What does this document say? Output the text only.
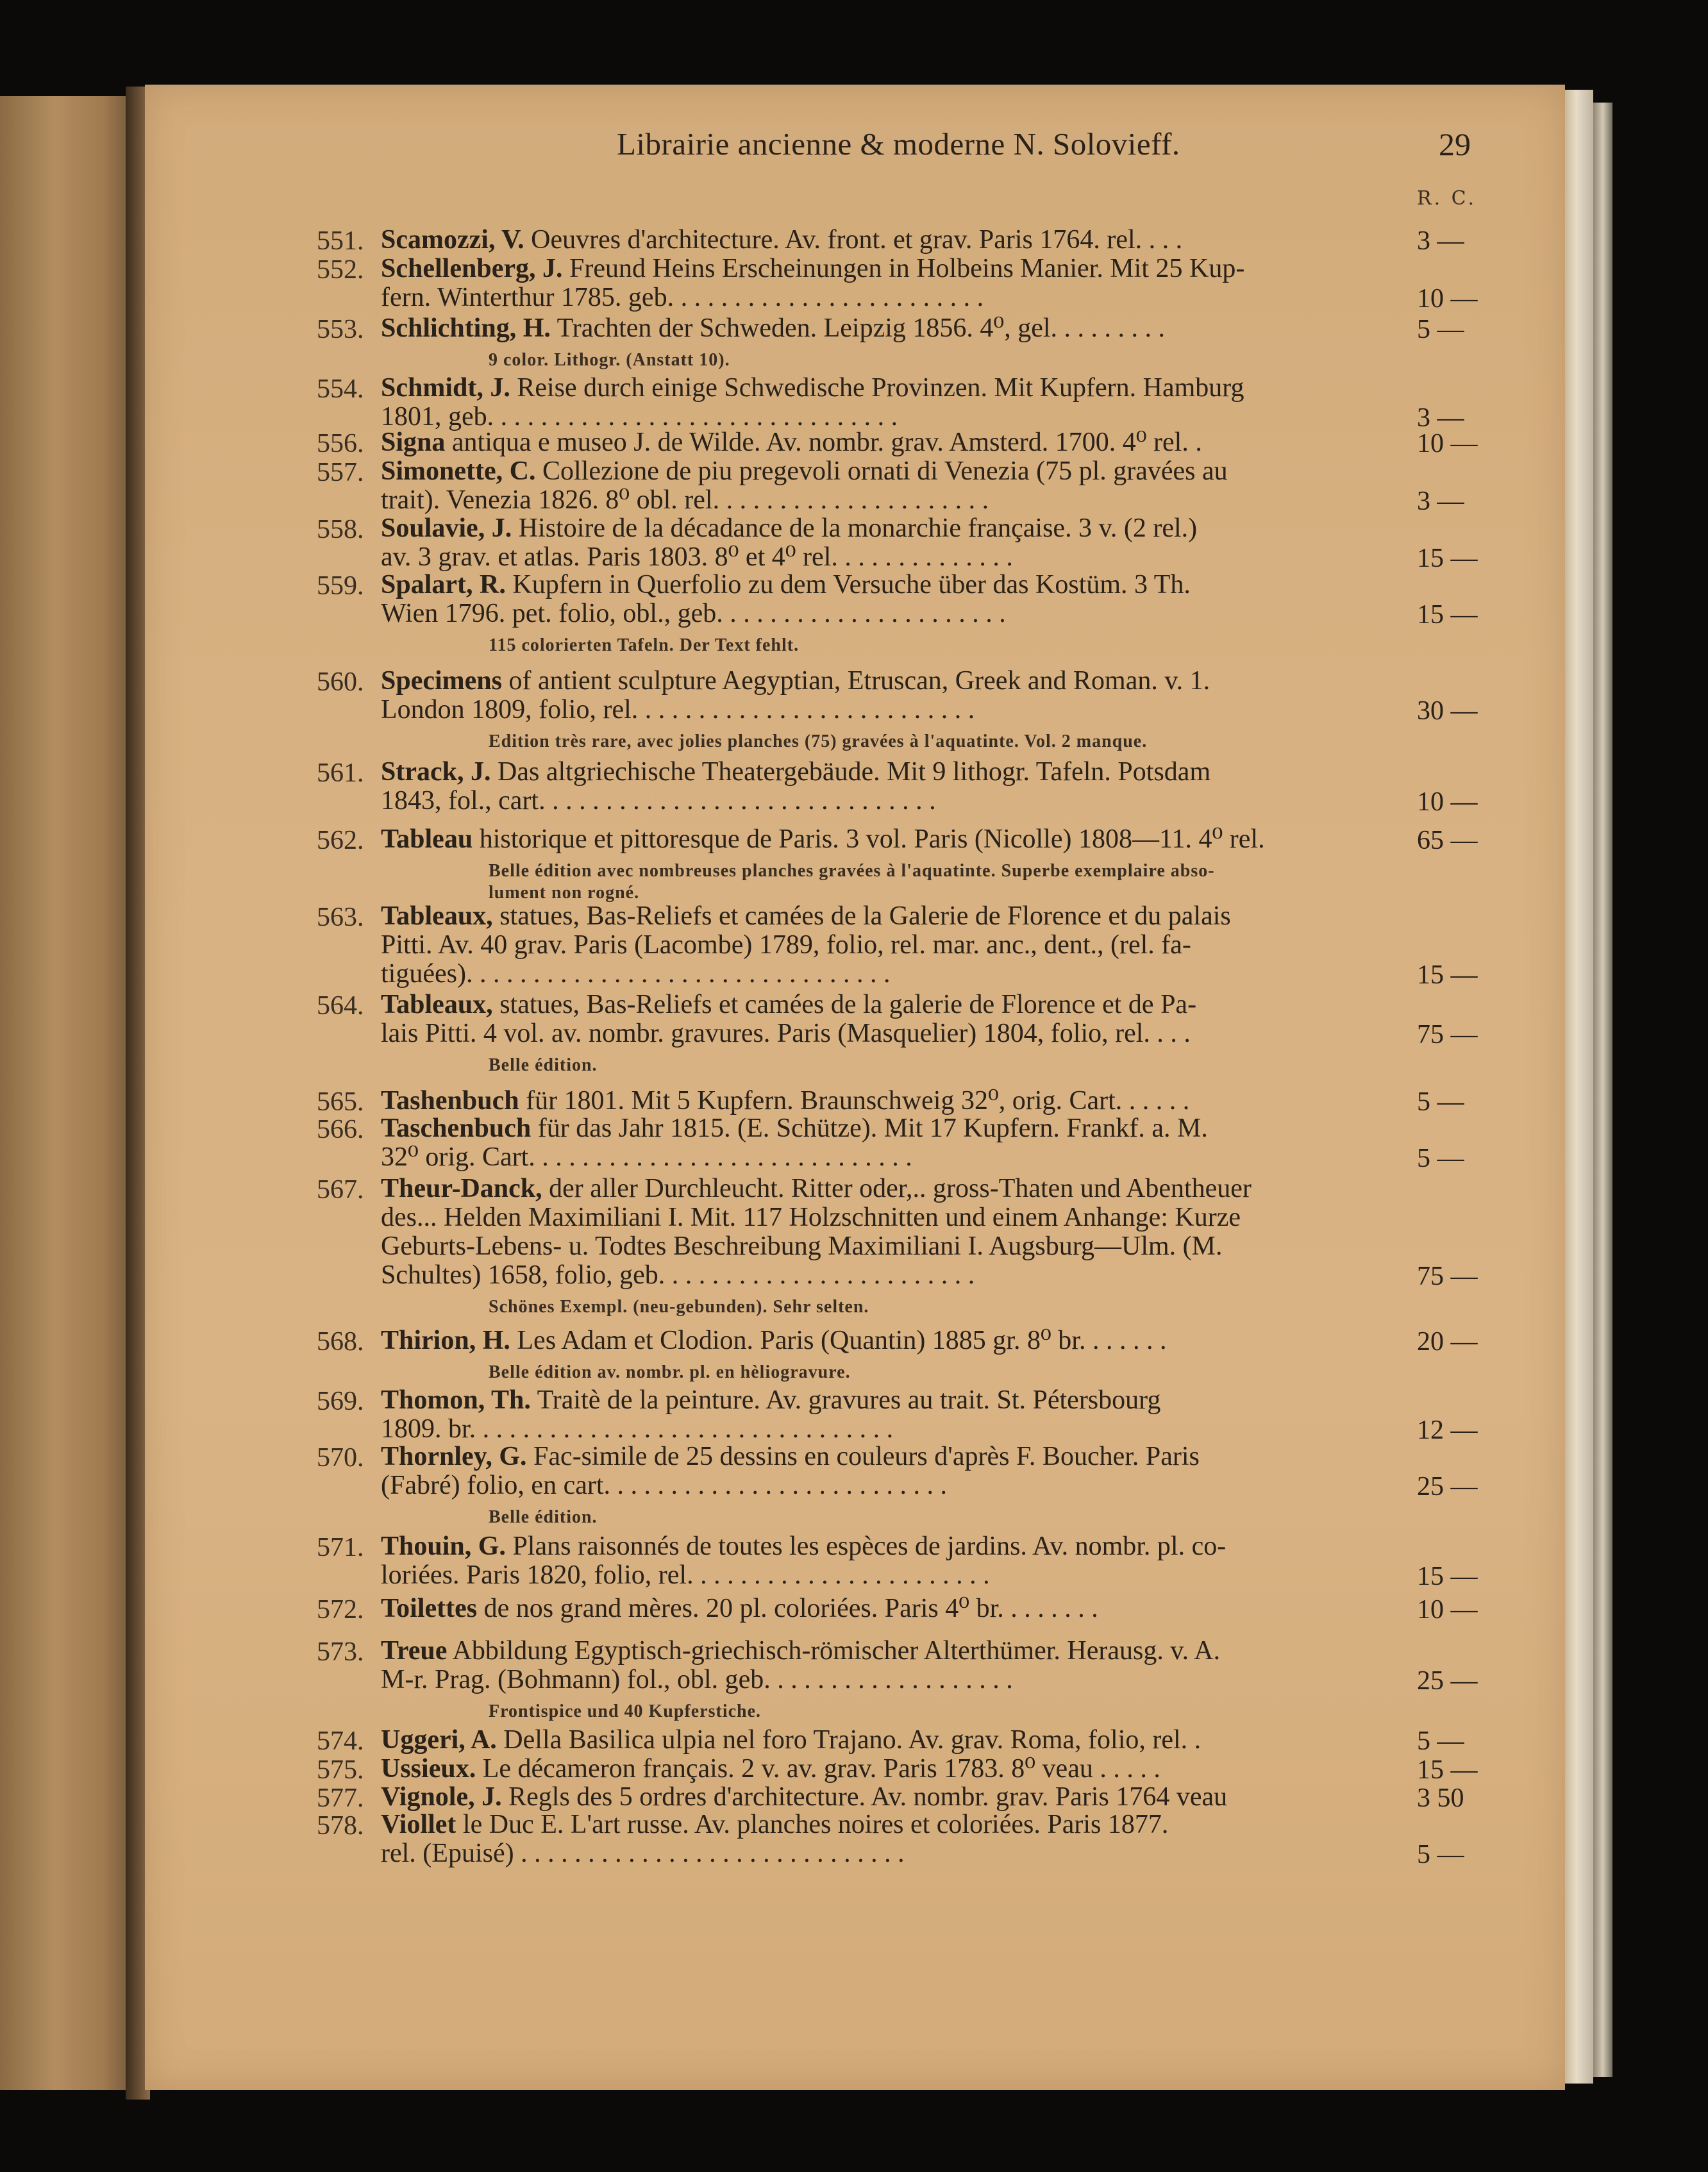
Librairie ancienne & moderne N. Solovieff.	29
R. C.
551. Scamozzi, V. Oeuvres d'architecture. Av. front. et grav. Paris 1764. rel. . . .	3 —
552. Schellenberg, J. Freund Heins Erscheinungen in Holbeins Manier. Mit 25 Kup-
fern. Winterthur 1785. geb. . . . . . . . . . . . . . . . . . . . . . . .	10 —
553. Schlichting, H. Trachten der Schweden. Leipzig 1856. 4⁰, gel. . . . . . . . .	5 —
9 color. Lithogr. (Anstatt 10).
554. Schmidt, J. Reise durch einige Schwedische Provinzen. Mit Kupfern. Hamburg
1801, geb. . . . . . . . . . . . . . . . . . . . . . . . . . . . . . .	3 —
556. Signa antiqua e museo J. de Wilde. Av. nombr. grav. Amsterd. 1700. 4⁰ rel. .	10 —
557. Simonette, C. Collezione de piu pregevoli ornati di Venezia (75 pl. gravées au
trait). Venezia 1826. 8⁰ obl. rel. . . . . . . . . . . . . . . . . . . . .	3 —
558. Soulavie, J. Histoire de la décadance de la monarchie française. 3 v. (2 rel.)
av. 3 grav. et atlas. Paris 1803. 8⁰ et 4⁰ rel. . . . . . . . . . . . . .	15 —
559. Spalart, R. Kupfern in Querfolio zu dem Versuche über das Kostüm. 3 Th.
Wien 1796. pet. folio, obl., geb. . . . . . . . . . . . . . . . . . . . . .	15 —
115 colorierten Tafeln. Der Text fehlt.
560. Specimens of antient sculpture Aegyptian, Etruscan, Greek and Roman. v. 1.
London 1809, folio, rel. . . . . . . . . . . . . . . . . . . . . . . . . .	30 —
Edition très rare, avec jolies planches (75) gravées à l'aquatinte. Vol. 2 manque.
561. Strack, J. Das altgriechische Theatergebäude. Mit 9 lithogr. Tafeln. Potsdam
1843, fol., cart. . . . . . . . . . . . . . . . . . . . . . . . . . . . . .	10 —
562. Tableau historique et pittoresque de Paris. 3 vol. Paris (Nicolle) 1808—11. 4⁰ rel.	65 —
Belle édition avec nombreuses planches gravées à l'aquatinte. Superbe exemplaire abso-
lument non rogné.
563. Tableaux, statues, Bas-Reliefs et camées de la Galerie de Florence et du palais
Pitti. Av. 40 grav. Paris (Lacombe) 1789, folio, rel. mar. anc., dent., (rel. fa-
tiguées). . . . . . . . . . . . . . . . . . . . . . . . . . . . . . . .	15 —
564. Tableaux, statues, Bas-Reliefs et camées de la galerie de Florence et de Pa-
lais Pitti. 4 vol. av. nombr. gravures. Paris (Masquelier) 1804, folio, rel. . . .	75 —
Belle édition.
565. Tashenbuch für 1801. Mit 5 Kupfern. Braunschweig 32⁰, orig. Cart. . . . . .	5 —
566. Taschenbuch für das Jahr 1815. (E. Schütze). Mit 17 Kupfern. Frankf. a. M.
32⁰ orig. Cart. . . . . . . . . . . . . . . . . . . . . . . . . . . . .	5 —
567. Theur-Danck, der aller Durchleucht. Ritter oder,.. gross-Thaten und Abentheuer
des... Helden Maximiliani I. Mit. 117 Holzschnitten und einem Anhange: Kurze
Geburts-Lebens- u. Todtes Beschreibung Maximiliani I. Augsburg—Ulm. (M.
Schultes) 1658, folio, geb. . . . . . . . . . . . . . . . . . . . . . . .	75 —
Schönes Exempl. (neu-gebunden). Sehr selten.
568. Thirion, H. Les Adam et Clodion. Paris (Quantin) 1885 gr. 8⁰ br. . . . . . .	20 —
Belle édition av. nombr. pl. en hèliogravure.
569. Thomon, Th. Traitè de la peinture. Av. gravures au trait. St. Pétersbourg
1809. br. . . . . . . . . . . . . . . . . . . . . . . . . . . . . . . .	12 —
570. Thornley, G. Fac-simile de 25 dessins en couleurs d'après F. Boucher. Paris
(Fabré) folio, en cart. . . . . . . . . . . . . . . . . . . . . . . . . .	25 —
Belle édition.
571. Thouin, G. Plans raisonnés de toutes les espèces de jardins. Av. nombr. pl. co-
loriées. Paris 1820, folio, rel. . . . . . . . . . . . . . . . . . . . . . .	15 —
572. Toilettes de nos grand mères. 20 pl. coloriées. Paris 4⁰ br. . . . . . . .	10 —
573. Treue Abbildung Egyptisch-griechisch-römischer Alterthümer. Herausg. v. A.
M-r. Prag. (Bohmann) fol., obl. geb. . . . . . . . . . . . . . . . . . .	25 —
Frontispice und 40 Kupferstiche.
574. Uggeri, A. Della Basilica ulpia nel foro Trajano. Av. grav. Roma, folio, rel. .	5 —
575. Ussieux. Le décameron français. 2 v. av. grav. Paris 1783. 8⁰ veau . . . . .	15 —
577. Vignole, J. Regls des 5 ordres d'architecture. Av. nombr. grav. Paris 1764 veau	3 50
578. Viollet le Duc E. L'art russe. Av. planches noires et coloriées. Paris 1877.
rel. (Epuisé) . . . . . . . . . . . . . . . . . . . . . . . . . . . . .	5 —
